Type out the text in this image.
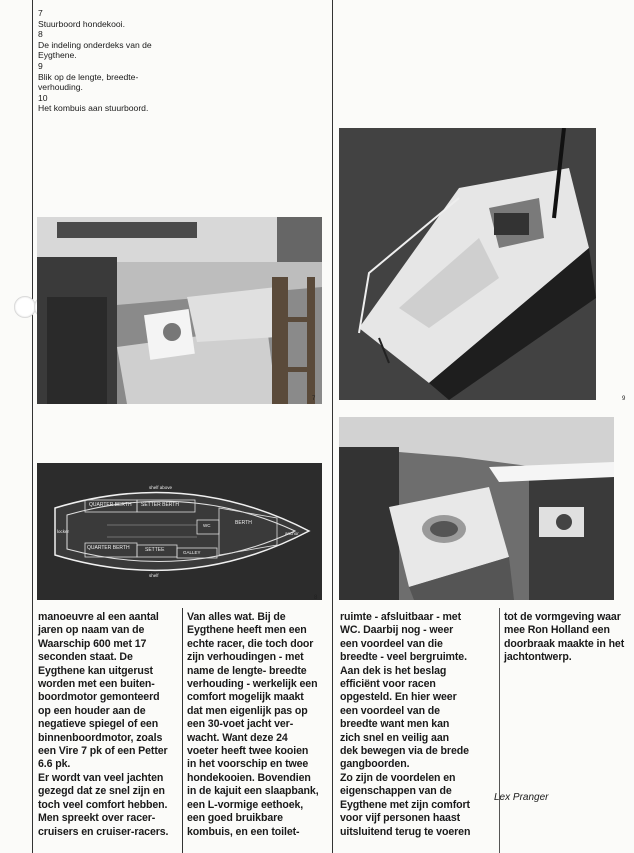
7
Stuurboord hondekooi.
8
De indeling onderdeks van de Eygthene.
9
Blik op de lengte, breedte-verhouding.
10
Het kombuis aan stuurboord.
7	9
shelf above
QUARTER BERTH SETTER BERTH
QUARTER BERTH	SETTEE	GALLEY
WC	BERTH
shelf
locker	anchor
8
manoeuvre al een aantal
jaren op naam van de
Waarschip 600 met 17
seconden staat. De
Eygthene kan uitgerust
worden met een buiten-
boordmotor gemonteerd
op een houder aan de
negatieve spiegel of een
binnenboordmotor, zoals
een Vire 7 pk of een Petter
6.6 pk.
Er wordt van veel jachten
gezegd dat ze snel zijn en
toch veel comfort hebben.
Men spreekt over racer-
cruisers en cruiser-racers.
Van alles wat. Bij de
Eygthene heeft men een
echte racer, die toch door
zijn verhoudingen - met
name de lengte- breedte
verhouding - werkelijk een
comfort mogelijk maakt
dat men eigenlijk pas op
een 30-voet jacht ver-
wacht. Want deze 24
voeter heeft twee kooien
in het voorschip en twee
hondekooien. Bovendien
in de kajuit een slaapbank,
een L-vormige eethoek,
een goed bruikbare
kombuis, en een toilet-
ruimte - afsluitbaar - met
WC. Daarbij nog - weer
een voordeel van die
breedte - veel bergruimte.
Aan dek is het beslag
efficiënt voor racen
opgesteld. En hier weer
een voordeel van de
breedte want men kan
zich snel en veilig aan
dek bewegen via de brede
gangboorden.
Zo zijn de voordelen en
eigenschappen van de
Eygthene met zijn comfort
voor vijf personen haast
uitsluitend terug te voeren
tot de vormgeving waar
mee Ron Holland een
doorbraak maakte in het
jachtontwerp.
Lex Pranger
